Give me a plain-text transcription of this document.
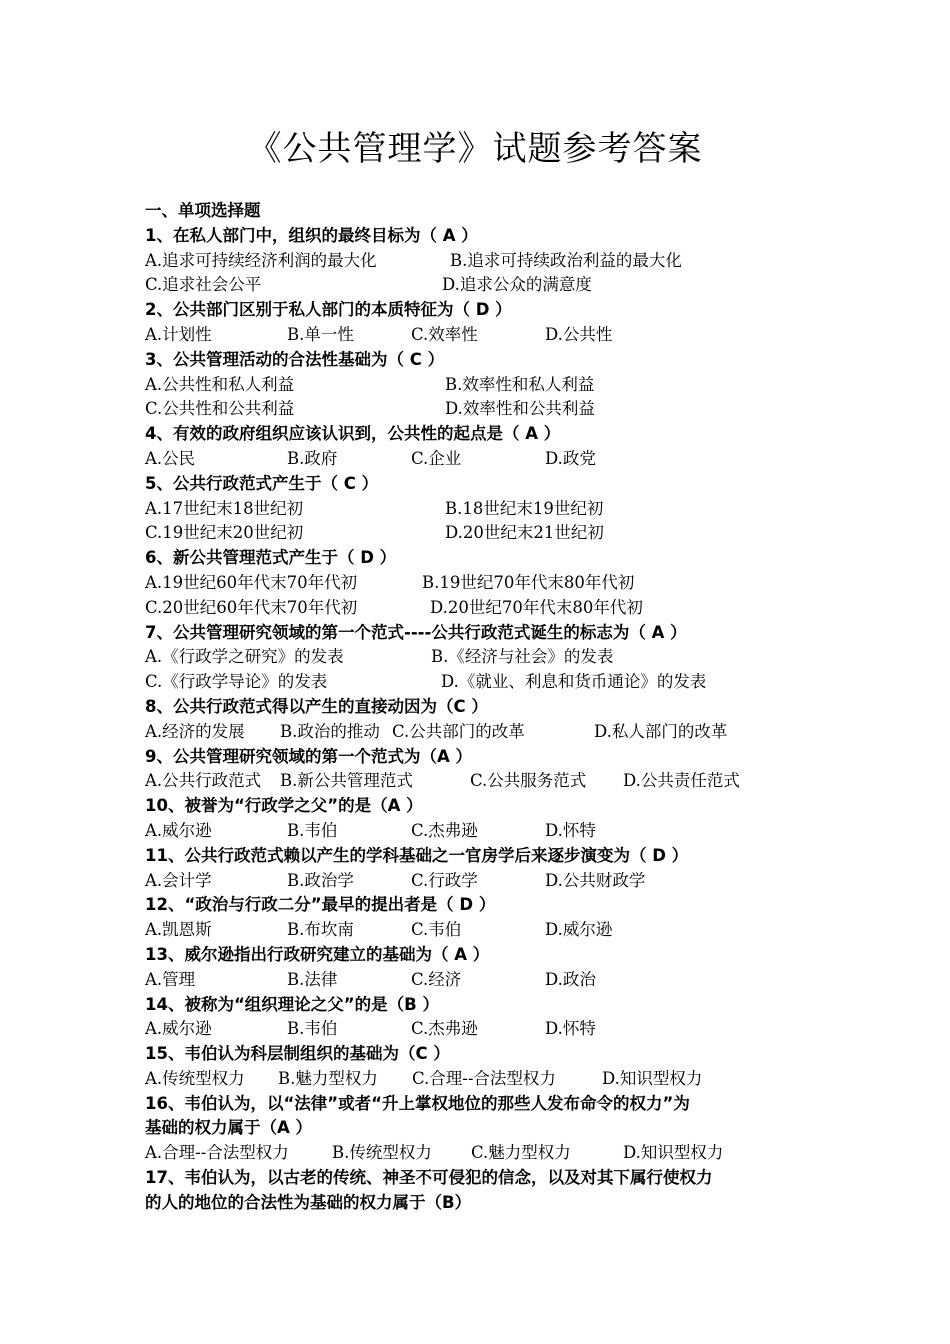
《公共管理学》试题参考答案
一、单项选择题
1、在私人部门中，组织的最终目标为（ A ）
A.追求可持续经济利润的最大化	B.追求可持续政治利益的最大化
C.追求社会公平	D.追求公众的满意度
2、公共部门区别于私人部门的本质特征为（ D ）
A.计划性	B.单一性	C.效率性	D.公共性
3、公共管理活动的合法性基础为（ C ）
A.公共性和私人利益	B.效率性和私人利益
C.公共性和公共利益	D.效率性和公共利益
4、有效的政府组织应该认识到，公共性的起点是（ A ）
A.公民	B.政府	C.企业	D.政党
5、公共行政范式产生于（ C ）
A.17世纪末18世纪初	B.18世纪末19世纪初
C.19世纪末20世纪初	D.20世纪末21世纪初
6、新公共管理范式产生于（ D ）
A.19世纪60年代末70年代初	B.19世纪70年代末80年代初
C.20世纪60年代末70年代初	D.20世纪70年代末80年代初
7、公共管理研究领域的第一个范式----公共行政范式诞生的标志为（ A ）
A.《行政学之研究》的发表	B.《经济与社会》的发表
C.《行政学导论》的发表	D.《就业、利息和货币通论》的发表
8、公共行政范式得以产生的直接动因为（C ）
A.经济的发展 B.政治的推动 C.公共部门的改革	D.私人部门的改革
9、公共管理研究领域的第一个范式为（A ）
A.公共行政范式 B.新公共管理范式	C.公共服务范式 D.公共责任范式
10、被誉为“行政学之父”的是（A ）
A.威尔逊	B.韦伯	C.杰弗逊	D.怀特
11、公共行政范式赖以产生的学科基础之一官房学后来逐步演变为（ D ）
A.会计学	B.政治学	C.行政学	D.公共财政学
12、“政治与行政二分”最早的提出者是（ D ）
A.凯恩斯	B.布坎南	C.韦伯	D.威尔逊
13、威尔逊指出行政研究建立的基础为（ A ）
A.管理	B.法律	C.经济	D.政治
14、被称为“组织理论之父”的是（B ）
A.威尔逊	B.韦伯	C.杰弗逊	D.怀特
15、韦伯认为科层制组织的基础为（C ）
A.传统型权力 B.魅力型权力 C.合理--合法型权力	D.知识型权力
16、韦伯认为，以“法律”或者“升上掌权地位的那些人发布命令的权力”为
基础的权力属于（A ）
A.合理--合法型权力	B.传统型权力 C.魅力型权力	D.知识型权力
17、韦伯认为，以古老的传统、神圣不可侵犯的信念，以及对其下属行使权力
的人的地位的合法性为基础的权力属于（B）
